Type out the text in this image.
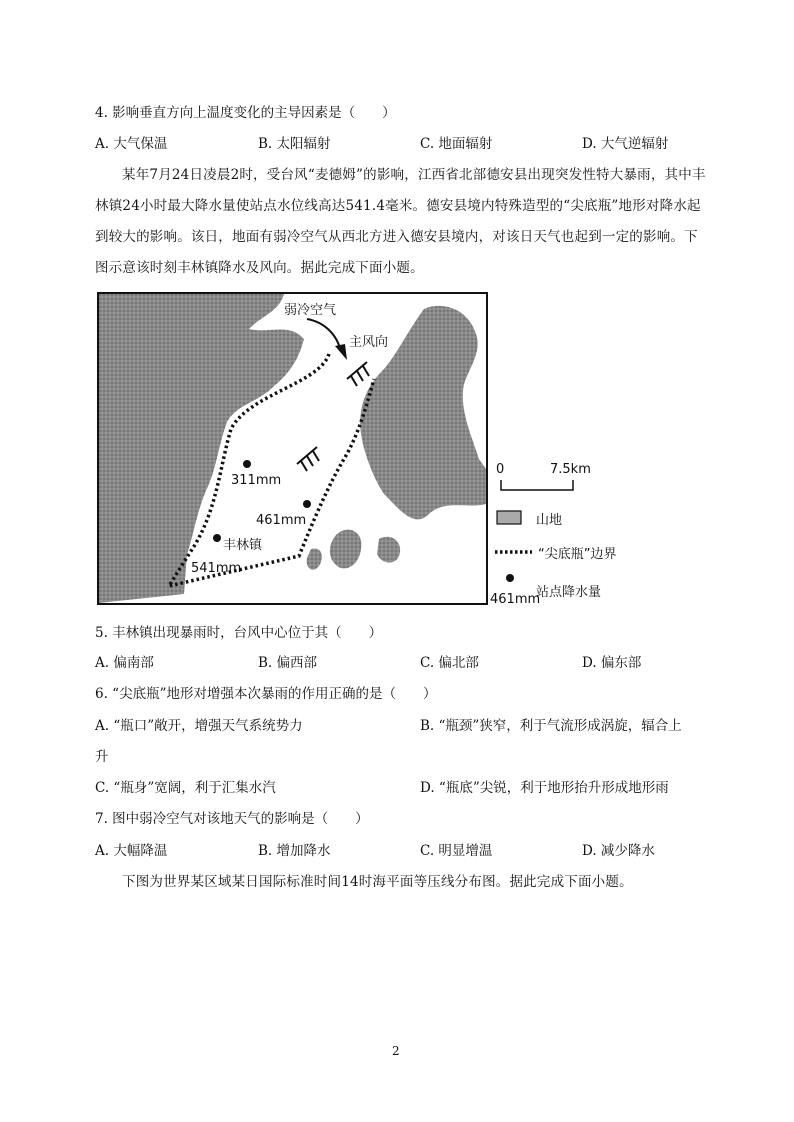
4. 影响垂直方向上温度变化的主导因素是（　　）
A. 大气保温	B. 太阳辐射	C. 地面辐射	D. 大气逆辐射
某年7月24日凌晨2时，受台风“麦德姆”的影响，江西省北部德安县出现突发性特大暴雨，其中丰林镇24小时最大降水量使站点水位线高达541.4毫米。德安县境内特殊造型的“尖底瓶”地形对降水起到较大的影响。该日，地面有弱冷空气从西北方进入德安县境内，对该日天气也起到一定的影响。下图示意该时刻丰林镇降水及风向。据此完成下面小题。
弱冷空气
主风向
311mm
461mm
丰林镇
541mm
0	7.5km
山地
“尖底瓶”边界
站点降水量
461mm
5. 丰林镇出现暴雨时，台风中心位于其（　　）
A. 偏南部	B. 偏西部	C. 偏北部	D. 偏东部
6. “尖底瓶”地形对增强本次暴雨的作用正确的是（　　）
A. “瓶口”敞开，增强天气系统势力	B. “瓶颈”狭窄，利于气流形成涡旋，辐合上
升
C. “瓶身”宽阔，利于汇集水汽	D. “瓶底”尖锐，利于地形抬升形成地形雨
7. 图中弱冷空气对该地天气的影响是（　　）
A. 大幅降温	B. 增加降水	C. 明显增温	D. 减少降水
下图为世界某区域某日国际标准时间14时海平面等压线分布图。据此完成下面小题。
2
